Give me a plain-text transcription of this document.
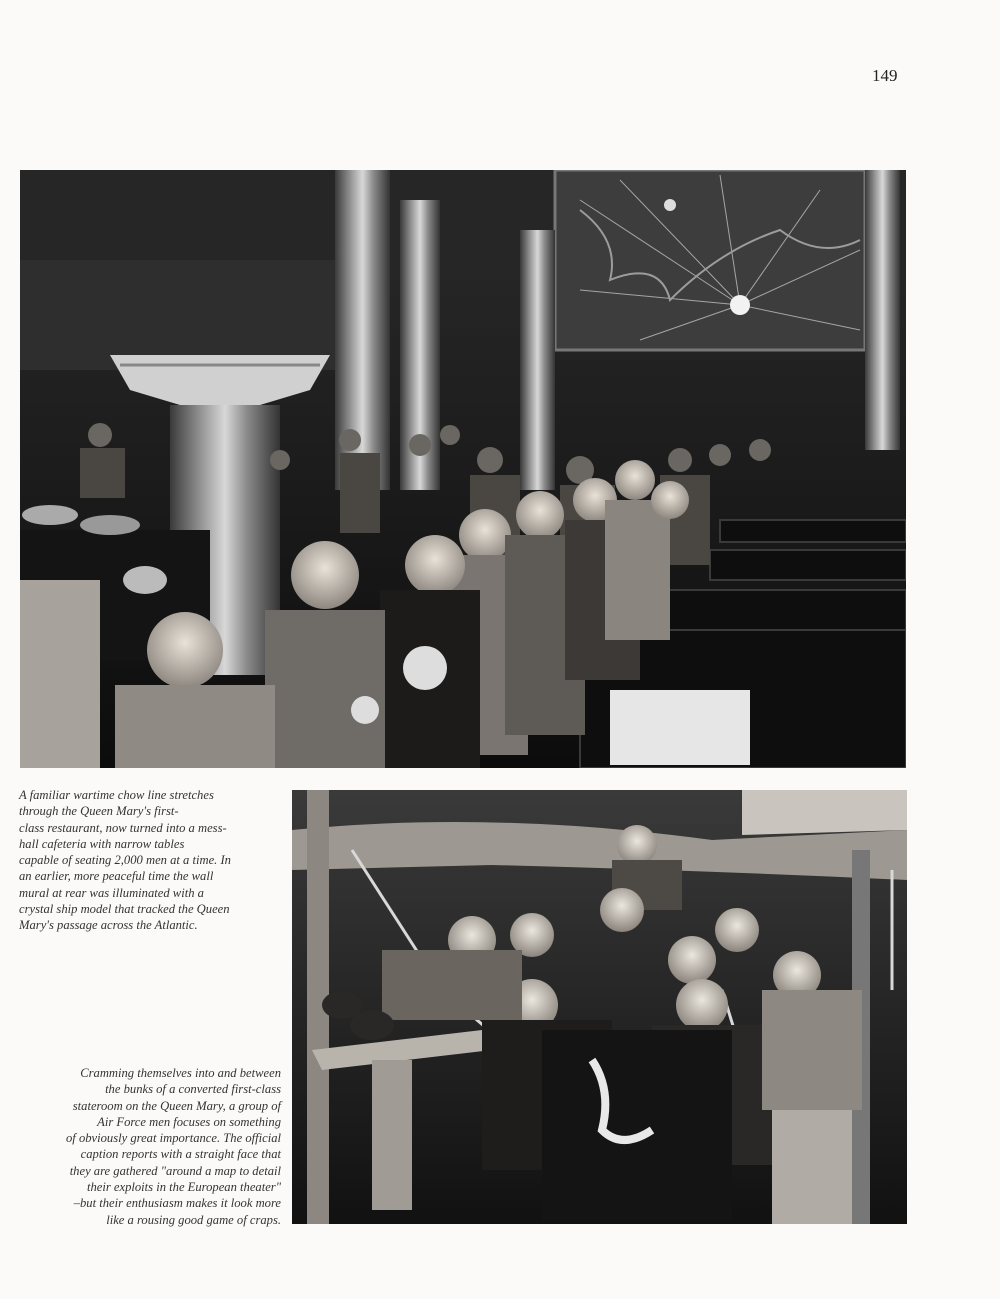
149
A familiar wartime chow line stretches
through the Queen Mary's first-
class restaurant, now turned into a mess-
hall cafeteria with narrow tables
capable of seating 2,000 men at a time. In
an earlier, more peaceful time the wall
mural at rear was illuminated with a
crystal ship model that tracked the Queen
Mary's passage across the Atlantic.
Cramming themselves into and between
the bunks of a converted first-class
stateroom on the Queen Mary, a group of
Air Force men focuses on something
of obviously great importance. The official
caption reports with a straight face that
they are gathered "around a map to detail
their exploits in the European theater"
–but their enthusiasm makes it look more
like a rousing good game of craps.
